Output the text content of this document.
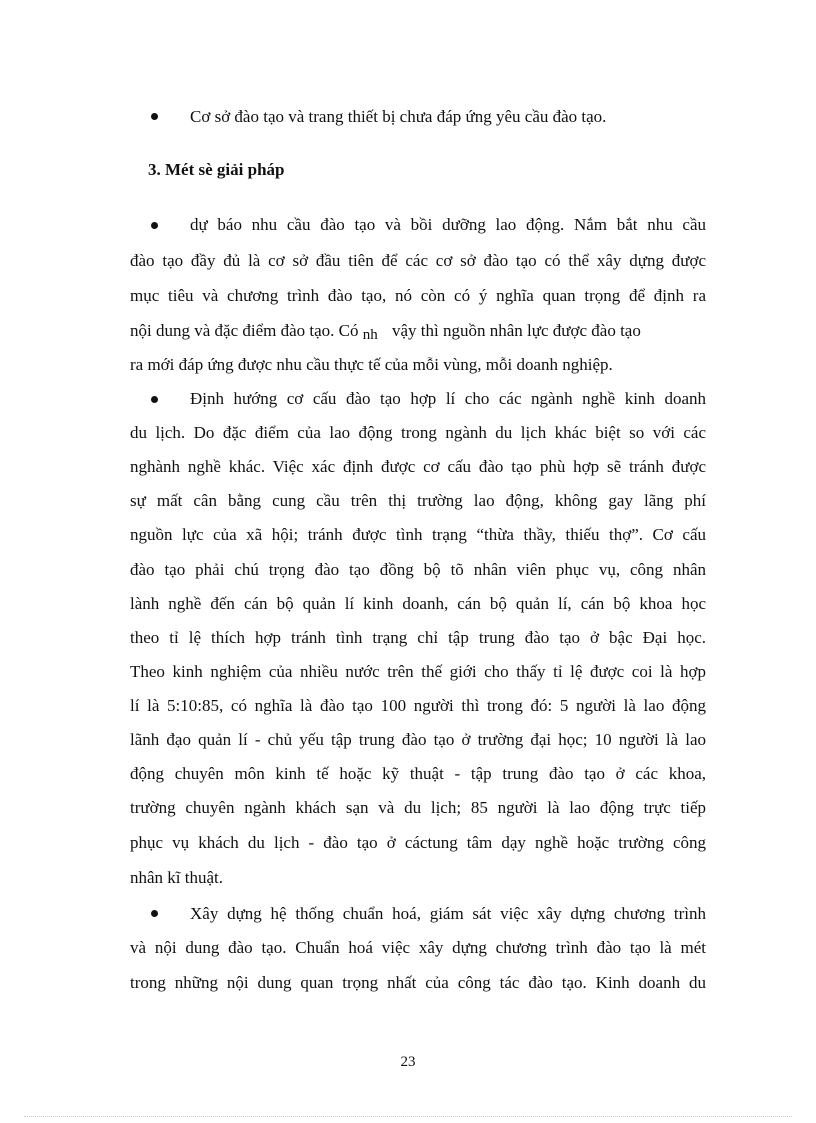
Cơ sở đào tạo và trang thiết bị chưa đáp ứng yêu cầu đào tạo.
3. Mét sè giải pháp
dự báo nhu cầu đào tạo và bồi dưỡng lao động. Nắm bắt nhu cầu
đào tạo đầy đủ là cơ sở đầu tiên để các cơ sở đào tạo có thể xây dựng được
mục tiêu và chương trình đào tạo, nó còn có ý nghĩa quan trọng để định ra
nội dung và đặc điểm đào tạo. Có nh vậy thì nguồn nhân lực được đào tạo
ra mới đáp ứng được nhu cầu thực tế của mỗi vùng, mỗi doanh nghiệp.
Định hướng cơ cấu đào tạo hợp lí cho các ngành nghề kinh doanh
du lịch. Do đặc điểm của lao động trong ngành du lịch khác biệt so với các
nghành nghề khác. Việc xác định được cơ cấu đào tạo phù hợp sẽ tránh được
sự mất cân bằng cung cầu trên thị trường lao động, không gay lãng phí
nguồn lực của xã hội; tránh được tình trạng “thừa thầy, thiếu thợ”. Cơ cấu
đào tạo phải chú trọng đào tạo đồng bộ tõ nhân viên phục vụ, công nhân
lành nghề đến cán bộ quản lí kinh doanh, cán bộ quản lí, cán bộ khoa học
theo tỉ lệ thích hợp tránh tình trạng chỉ tập trung đào tạo ở bậc Đại học.
Theo kinh nghiệm của nhiều nước trên thế giới cho thấy tỉ lệ được coi là hợp
lí là 5:10:85, có nghĩa là đào tạo 100 người thì trong đó: 5 người là lao động
lãnh đạo quản lí - chủ yếu tập trung đào tạo ở trường đại học; 10 người là lao
động chuyên môn kinh tế hoặc kỹ thuật - tập trung đào tạo ở các khoa,
trường chuyên ngành khách sạn và du lịch; 85 người là lao động trực tiếp
phục vụ khách du lịch - đào tạo ở cáctung tâm dạy nghề hoặc trường công
nhân kĩ thuật.
Xây dựng hệ thống chuẩn hoá, giám sát việc xây dựng chương trình
và nội dung đào tạo. Chuẩn hoá việc xây dựng chương trình đào tạo là mét
trong những nội dung quan trọng nhất của công tác đào tạo. Kinh doanh du
23
